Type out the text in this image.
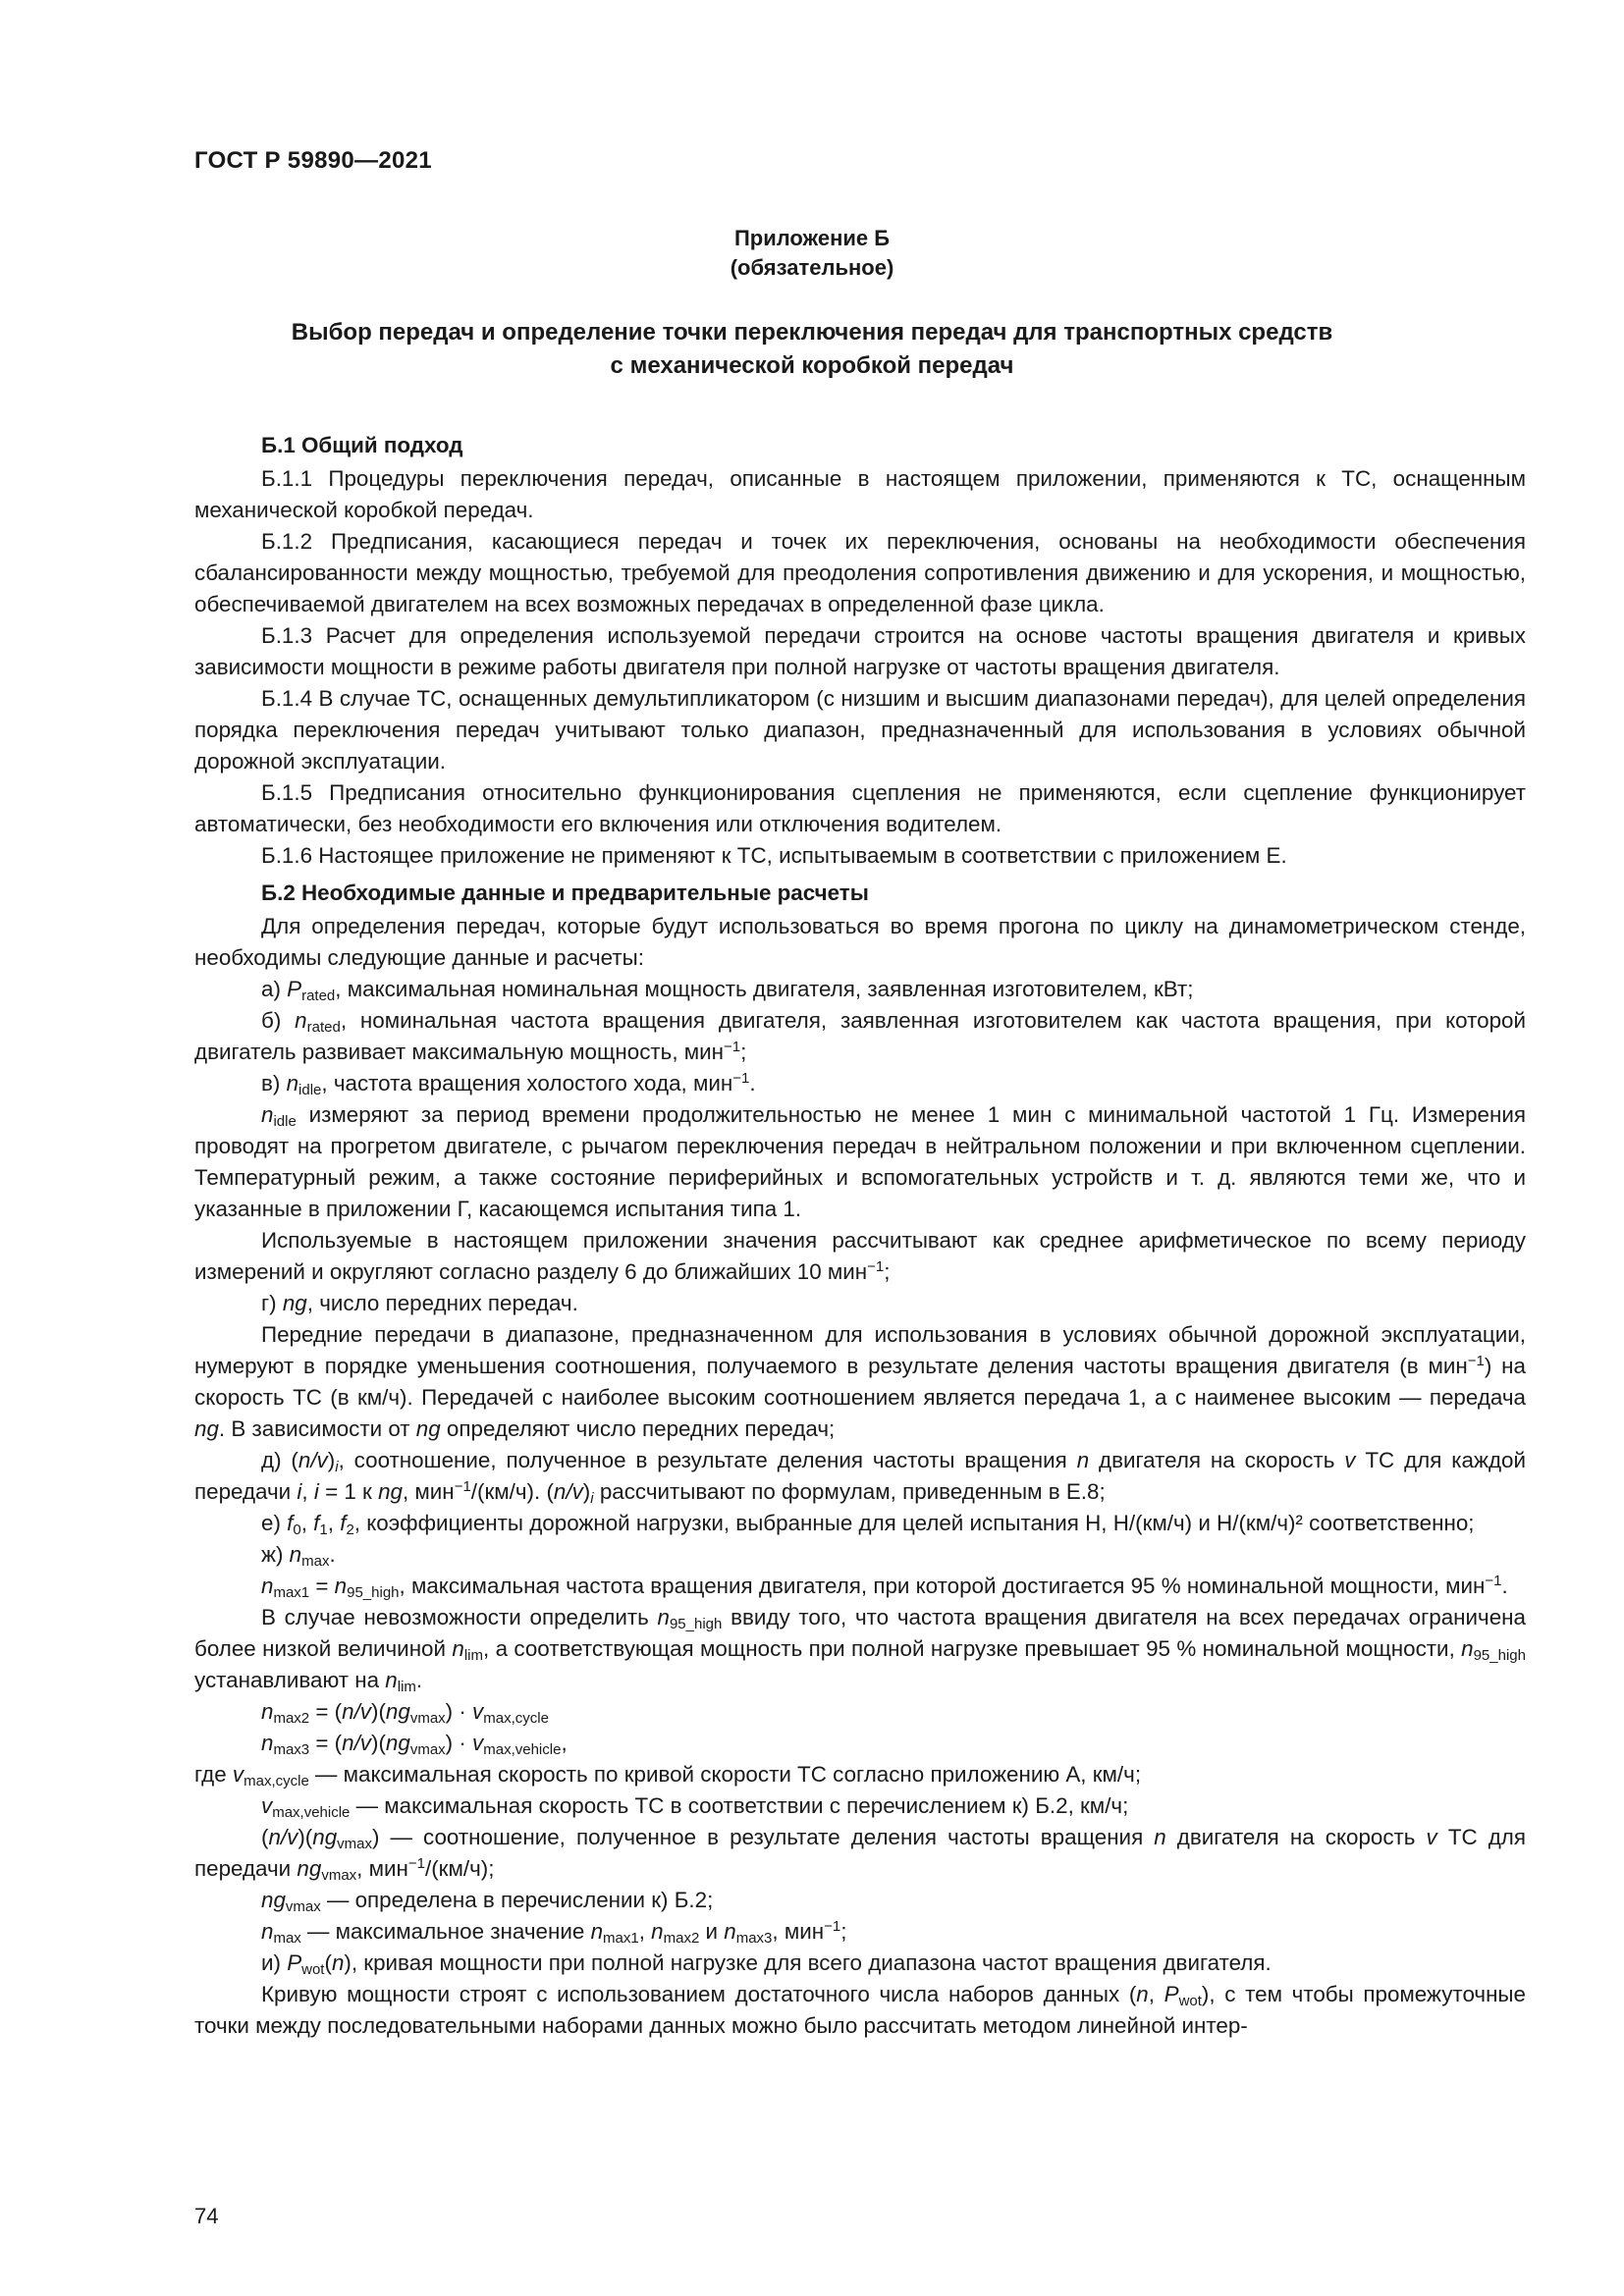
ГОСТ Р 59890—2021
Приложение Б
(обязательное)
Выбор передач и определение точки переключения передач для транспортных средств
с механической коробкой передач

Б.1 Общий подход

Б.1.1 Процедуры переключения передач, описанные в настоящем приложении, применяются к ТС, оснащенным механической коробкой передач.

Б.1.2 Предписания, касающиеся передач и точек их переключения, основаны на необходимости обеспечения сбалансированности между мощностью, требуемой для преодоления сопротивления движению и для ускорения, и мощностью, обеспечиваемой двигателем на всех возможных передачах в определенной фазе цикла.

Б.1.3 Расчет для определения используемой передачи строится на основе частоты вращения двигателя и кривых зависимости мощности в режиме работы двигателя при полной нагрузке от частоты вращения двигателя.

Б.1.4 В случае ТС, оснащенных демультипликатором (с низшим и высшим диапазонами передач), для целей определения порядка переключения передач учитывают только диапазон, предназначенный для использования в условиях обычной дорожной эксплуатации.

Б.1.5 Предписания относительно функционирования сцепления не применяются, если сцепление функционирует автоматически, без необходимости его включения или отключения водителем.

Б.1.6 Настоящее приложение не применяют к ТС, испытываемым в соответствии с приложением Е.

Б.2 Необходимые данные и предварительные расчеты

Для определения передач, которые будут использоваться во время прогона по циклу на динамометрическом стенде, необходимы следующие данные и расчеты:

а) $P_{rated}$, максимальная номинальная мощность двигателя, заявленная изготовителем, кВт;

б) $n_{rated}$, номинальная частота вращения двигателя, заявленная изготовителем как частота вращения, при которой двигатель развивает максимальную мощность, мин$^{-1}$;

в) $n_{idle}$, частота вращения холостого хода, мин$^{-1}$.

$n_{idle}$ измеряют за период времени продолжительностью не менее 1 мин с минимальной частотой 1 Гц. Измерения проводят на прогретом двигателе, с рычагом переключения передач в нейтральном положении и при включенном сцеплении. Температурный режим, а также состояние периферийных и вспомогательных устройств и т. д. являются теми же, что и указанные в приложении Г, касающемся испытания типа 1.

Используемые в настоящем приложении значения рассчитывают как среднее арифметическое по всему периоду измерений и округляют согласно разделу 6 до ближайших 10 мин$^{-1}$;

г) ng, число передних передач.

Передние передачи в диапазоне, предназначенном для использования в условиях обычной дорожной эксплуатации, нумеруют в порядке уменьшения соотношения, получаемого в результате деления частоты вращения двигателя (в мин$^{-1}$) на скорость ТС (в км/ч). Передачей с наиболее высоким соотношением является передача 1, а с наименее высоким — передача ng. В зависимости от ng определяют число передних передач;

д) $(n/v)_i$, соотношение, полученное в результате деления частоты вращения n двигателя на скорость v ТС для каждой передачи i, i = 1 к ng, мин$^{-1}$/(км/ч). $(n/v)_i$ рассчитывают по формулам, приведенным в Е.8;

е) $f_0$, $f_1$, $f_2$, коэффициенты дорожной нагрузки, выбранные для целей испытания Н, Н/(км/ч) и Н/(км/ч)² соответственно;

ж) $n_{max}$.

$n_{max1} = n_{95\_high}$, максимальная частота вращения двигателя, при которой достигается 95 % номинальной мощности, мин$^{-1}$.

В случае невозможности определить $n_{95\_high}$ ввиду того, что частота вращения двигателя на всех передачах ограничена более низкой величиной $n_{lim}$, а соответствующая мощность при полной нагрузке превышает 95 % номинальной мощности, $n_{95\_high}$ устанавливают на $n_{lim}$.

$n_{max2} = (n/v)(ng_{vmax}) \cdot v_{max,cycle}$

$n_{max3} = (n/v)(ng_{vmax}) \cdot v_{max,vehicle}$,

где $v_{max,cycle}$ — максимальная скорость по кривой скорости ТС согласно приложению А, км/ч;

$v_{max,vehicle}$ — максимальная скорость ТС в соответствии с перечислением к) Б.2, км/ч;

$(n/v)(ng_{vmax})$ — соотношение, полученное в результате деления частоты вращения n двигателя на скорость v ТС для передачи $ng_{vmax}$, мин$^{-1}$/(км/ч);

$ng_{vmax}$ — определена в перечислении к) Б.2;

$n_{max}$ — максимальное значение $n_{max1}$, $n_{max2}$ и $n_{max3}$, мин$^{-1}$;

и) $P_{wot}(n)$, кривая мощности при полной нагрузке для всего диапазона частот вращения двигателя.

Кривую мощности строят с использованием достаточного числа наборов данных (n, $P_{wot}$), с тем чтобы промежуточные точки между последовательными наборами данных можно было рассчитать методом линейной интер-

74
